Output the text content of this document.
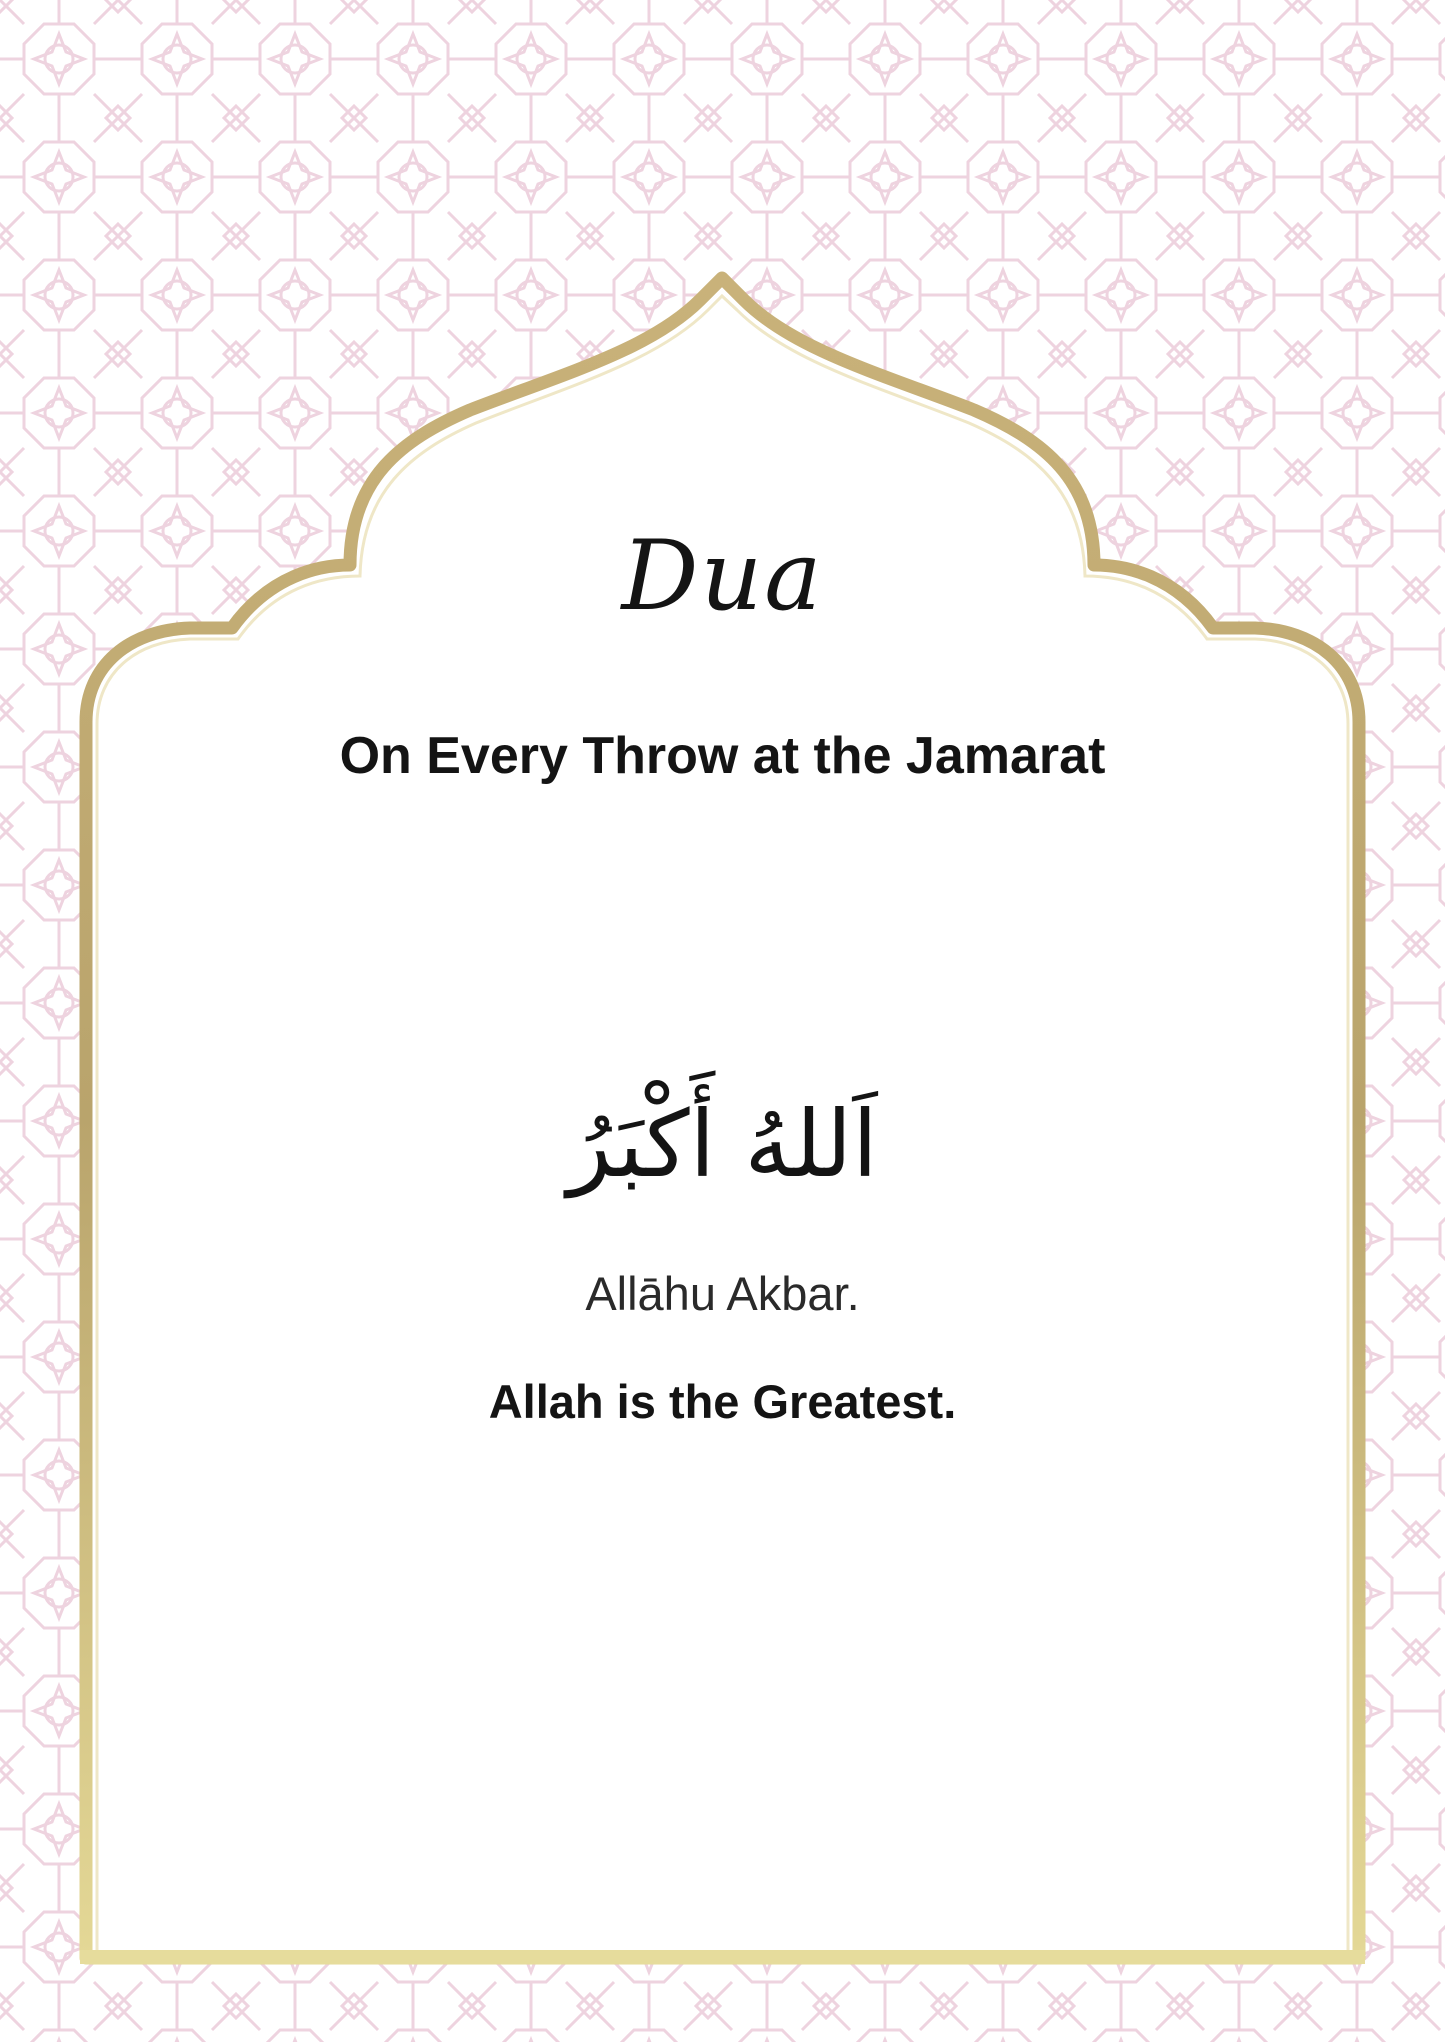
Dua
On Every Throw at the Jamarat
اَللهُ أَكْبَرُ
Allāhu Akbar.
Allah is the Greatest.
